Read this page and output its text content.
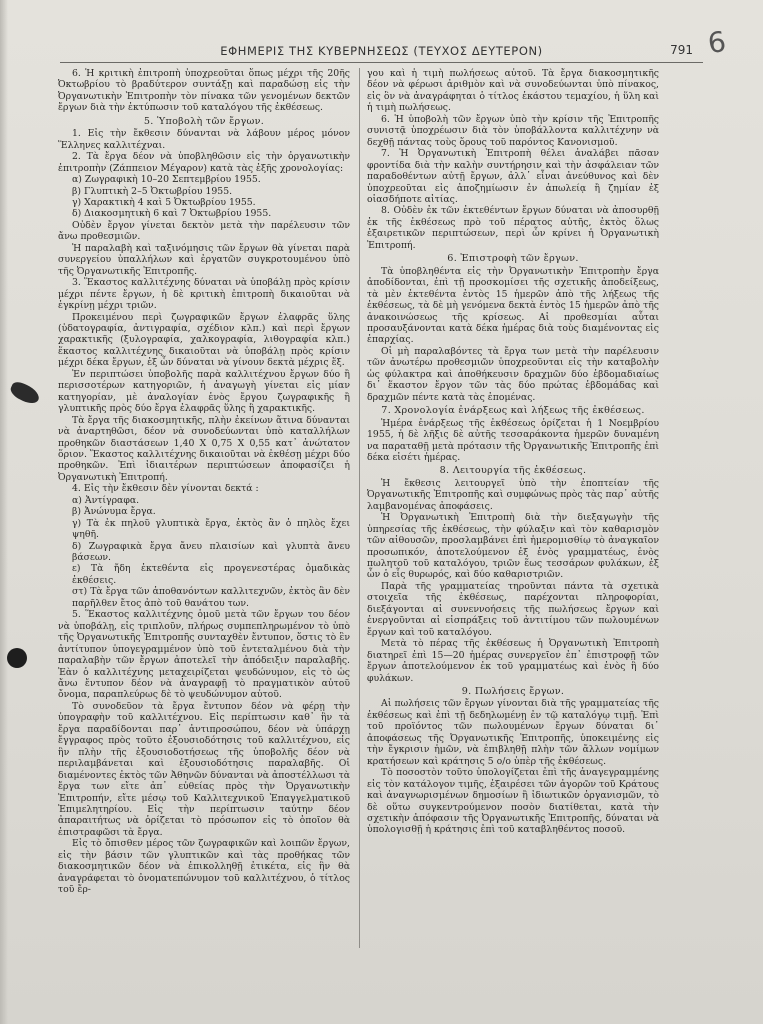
ΕΦΗΜΕΡΙΣ ΤΗΣ ΚΥΒΕΡΝΗΣΕΩΣ (ΤΕΥΧΟΣ ΔΕΥΤΕΡΟΝ)	791 6

6. Ἡ κριτικὴ ἐπιτροπὴ ὑποχρεοῦται ὅπως μέχρι τῆς 20ῆς Ὀκτωβρίου τὸ βραδύτερον συντάξῃ καὶ παραδώσῃ εἰς τὴν Ὀργανωτικὴν Ἐπιτροπὴν τὸν πίνακα τῶν γενομένων δεκτῶν ἔργων διὰ τὴν ἐκτύπωσιν τοῦ καταλόγου τῆς ἐκθέσεως.

5. Ὑποβολὴ τῶν ἔργων.

1. Εἰς τὴν ἔκθεσιν δύνανται νὰ λάβουν μέρος μόνον Ἕλληνες καλλιτέχναι.

2. Τὰ ἔργα δέον νὰ ὑποβληθῶσιν εἰς τὴν ὀργανωτικὴν ἐπιτροπὴν (Ζάππειον Μέγαρον) κατὰ τὰς ἑξῆς χρονολογίας:

α) Ζωγραφικὴ 10–20 Σεπτεμβρίου 1955.

β) Γλυπτικὴ 2–5 Ὀκτωβρίου 1955.

γ) Χαρακτικὴ 4 καὶ 5 Ὀκτωβρίου 1955.

δ) Διακοσμητικὴ 6 καὶ 7 Ὀκτωβρίου 1955.

Οὐδὲν ἔργον γίνεται δεκτὸν μετὰ τὴν παρέλευσιν τῶν ἄνω προθεσμιῶν.

Ἡ παραλαβὴ καὶ ταξινόμησις τῶν ἔργων θὰ γίνεται παρὰ συνεργείου ὑπαλλήλων καὶ ἐργατῶν συγκροτουμένου ὑπὸ τῆς Ὀργανωτικῆς Ἐπιτροπῆς.

3. Ἕκαστος καλλιτέχνης δύναται νὰ ὑποβάλῃ πρὸς κρίσιν μέχρι πέντε ἔργων, ἡ δὲ κριτικὴ ἐπιτροπὴ δικαιοῦται νὰ ἐγκρίνῃ μέχρι τριῶν.

Προκειμένου περὶ ζωγραφικῶν ἔργων ἐλαφρᾶς ὕλης (ὑδατογραφία, ἀντιγραφία, σχέδιον κλπ.) καὶ περὶ ἔργων χαρακτικῆς (ξυλογραφία, χαλκογραφία, λιθογραφία κλπ.) ἕκαστος καλλιτέχνης δικαιοῦται νὰ ὑποβάλῃ πρὸς κρίσιν μέχρι δέκα ἔργων, ἐξ ὧν δύναται νὰ γίνουν δεκτὰ μέχρις ἕξ.

Ἐν περιπτώσει ὑποβολῆς παρὰ καλλιτέχνου ἔργων δύο ἢ περισσοτέρων κατηγοριῶν, ἡ ἀναγωγὴ γίνεται εἰς μίαν κατηγορίαν, μὲ ἀναλογίαν ἑνὸς ἔργου ζωγραφικῆς ἢ γλυπτικῆς πρὸς δύο ἔργα ἐλαφρᾶς ὕλης ἢ χαρακτικῆς.

Τὰ ἔργα τῆς διακοσμητικῆς, πλὴν ἐκείνων ἅτινα δύνανται νὰ ἀναρτηθῶσι, δέον νὰ συνοδεύωνται ὑπὸ καταλλήλων προθηκῶν διαστάσεων 1,40 Χ 0,75 Χ 0,55 κατ᾽ ἀνώτατον ὅριον. Ἕκαστος καλλιτέχνης δικαιοῦται νὰ ἐκθέσῃ μέχρι δύο προθηκῶν. Ἐπὶ ἰδιαιτέρων περιπτώσεων ἀποφασίζει ἡ Ὀργανωτικὴ Ἐπιτροπή.

4. Εἰς τὴν ἔκθεσιν δὲν γίνονται δεκτά :

α) Ἀντίγραφα.

β) Ἀνώνυμα ἔργα.

γ) Τὰ ἐκ πηλοῦ γλυπτικὰ ἔργα, ἐκτὸς ἂν ὁ πηλὸς ἔχει ψηθῆ.

δ) Ζωγραφικὰ ἔργα ἄνευ πλαισίων καὶ γλυπτὰ ἄνευ βάσεων.

ε) Τὰ ἤδη ἐκτεθέντα εἰς προγενεστέρας ὁμαδικὰς ἐκθέσεις.

στ) Τὰ ἔργα τῶν ἀποθανόντων καλλιτεχνῶν, ἐκτὸς ἂν δὲν παρῆλθεν ἔτος ἀπὸ τοῦ θανάτου των.

5. Ἕκαστος καλλιτέχνης ὁμοῦ μετὰ τῶν ἔργων του δέον νὰ ὑποβάλῃ, εἰς τριπλοῦν, πλήρως συμπεπληρωμένον τὸ ὑπὸ τῆς Ὀργανωτικῆς Ἐπιτροπῆς συνταχθὲν ἔντυπον, ὅστις τὸ ἓν ἀντίτυπον ὑπογεγραμμένον ὑπὸ τοῦ ἐντεταλμένου διὰ τὴν παραλαβὴν τῶν ἔργων ἀποτελεῖ τὴν ἀπόδειξιν παραλαβῆς. Ἐὰν ὁ καλλιτέχνης μεταχειρίζεται ψευδώνυμον, εἰς τὸ ὡς ἄνω ἔντυπον δέον νὰ ἀναγραφῇ τὸ πραγματικὸν αὐτοῦ ὄνομα, παραπλεύρως δὲ τὸ ψευδώνυμον αὐτοῦ.

Τὸ συνοδεῦον τὰ ἔργα ἔντυπον δέον νὰ φέρῃ τὴν ὑπογραφὴν τοῦ καλλιτέχνου. Εἰς περίπτωσιν καθ᾽ ἣν τὰ ἔργα παραδίδονται παρ᾽ ἀντιπροσώπου, δέον νὰ ὑπάρχῃ ἔγγραφος πρὸς τοῦτο ἐξουσιοδότησις τοῦ καλλιτέχνου, εἰς ἣν πλὴν τῆς ἐξουσιοδοτήσεως τῆς ὑποβολῆς δέον νὰ περιλαμβάνεται καὶ ἐξουσιοδότησις παραλαβῆς. Οἱ διαμένοντες ἐκτὸς τῶν Ἀθηνῶν δύνανται νὰ ἀποστέλλωσι τὰ ἔργα των εἴτε ἀπ᾽ εὐθείας πρὸς τὴν Ὀργανωτικὴν Ἐπιτροπήν, εἴτε μέσῳ τοῦ Καλλιτεχνικοῦ Ἐπαγγελματικοῦ Ἐπιμελητηρίου. Εἰς τὴν περίπτωσιν ταύτην δέον ἀπαραιτήτως νὰ ὁρίζεται τὸ πρόσωπον εἰς τὸ ὁποῖον θὰ ἐπιστραφῶσι τὰ ἔργα.

Εἰς τὸ ὄπισθεν μέρος τῶν ζωγραφικῶν καὶ λοιπῶν ἔργων, εἰς τὴν βάσιν τῶν γλυπτικῶν καὶ τὰς προθήκας τῶν διακοσμητικῶν δέον νὰ ἐπικολληθῇ ἐτικέτα, εἰς ἣν θὰ ἀναγράφεται τὸ ὀνοματεπώνυμον τοῦ καλλιτέχνου, ὁ τίτλος τοῦ ἔρ-

γου καὶ ἡ τιμὴ πωλήσεως αὐτοῦ. Τὰ ἔργα διακοσμητικῆς δέον νὰ φέρωσι ἀριθμὸν καὶ νὰ συνοδεύωνται ὑπὸ πίνακος, εἰς ὃν νὰ ἀναγράφηται ὁ τίτλος ἑκάστου τεμαχίου, ἡ ὕλη καὶ ἡ τιμὴ πωλήσεως.

6. Ἡ ὑποβολὴ τῶν ἔργων ὑπὸ τὴν κρίσιν τῆς Ἐπιτροπῆς συνιστᾷ ὑποχρέωσιν διὰ τὸν ὑποβάλλοντα καλλιτέχνην νὰ δεχθῇ πάντας τοὺς ὅρους τοῦ παρόντος Κανονισμοῦ.

7. Ἡ Ὀργανωτικὴ Ἐπιτροπὴ θέλει ἀναλάβει πᾶσαν φροντίδα διὰ τὴν καλὴν συντήρησιν καὶ τὴν ἀσφάλειαν τῶν παραδοθέντων αὐτῇ ἔργων, ἀλλ᾽ εἶναι ἀνεύθυνος καὶ δὲν ὑποχρεοῦται εἰς ἀποζημίωσιν ἐν ἀπωλείᾳ ἢ ζημίαν ἐξ οἱασδήποτε αἰτίας.

8. Οὐδὲν ἐκ τῶν ἐκτεθέντων ἔργων δύναται νὰ ἀποσυρθῇ ἐκ τῆς ἐκθέσεως πρὸ τοῦ πέρατος αὐτῆς, ἐκτὸς ὅλως ἐξαιρετικῶν περιπτώσεων, περὶ ὧν κρίνει ἡ Ὀργανωτικὴ Ἐπιτροπή.

6. Ἐπιστροφὴ τῶν ἔργων.

Τὰ ὑποβληθέντα εἰς τὴν Ὀργανωτικὴν Ἐπιτροπὴν ἔργα ἀποδίδονται, ἐπὶ τῇ προσκομίσει τῆς σχετικῆς ἀποδείξεως, τὰ μὲν ἐκτεθέντα ἐντὸς 15 ἡμερῶν ἀπὸ τῆς λήξεως τῆς ἐκθέσεως, τὰ δὲ μὴ γενόμενα δεκτὰ ἐντὸς 15 ἡμερῶν ἀπὸ τῆς ἀνακοινώσεως τῆς κρίσεως. Αἱ προθεσμίαι αὗται προσαυξάνονται κατὰ δέκα ἡμέρας διὰ τοὺς διαμένοντας εἰς ἐπαρχίας.

Οἱ μὴ παραλαβόντες τὰ ἔργα των μετὰ τὴν παρέλευσιν τῶν ἀνωτέρω προθεσμιῶν ὑποχρεοῦνται εἰς τὴν καταβολὴν ὡς φύλακτρα καὶ ἀποθήκευσιν δραχμῶν δύο ἑβδομαδιαίως δι᾽ ἕκαστον ἔργον τῶν τὰς δύο πρώτας ἑβδομάδας καὶ δραχμῶν πέντε κατὰ τὰς ἑπομένας.

7. Χρονολογία ἐνάρξεως καὶ λήξεως τῆς ἐκθέσεως.

Ἡμέρα ἐνάρξεως τῆς ἐκθέσεως ὁρίζεται ἡ 1 Νοεμβρίου 1955, ἡ δὲ λῆξις δὲ αὐτῆς τεσσαράκοντα ἡμερῶν δυναμένη να παραταθῇ μετὰ πρότασιν τῆς Ὀργανωτικῆς Ἐπιτροπῆς ἐπὶ δέκα εἰσέτι ἡμέρας.

8. Λειτουργία τῆς ἐκθέσεως.

Ἡ ἔκθεσις λειτουργεῖ ὑπὸ τὴν ἐποπτείαν τῆς Ὀργανωτικῆς Ἐπιτροπῆς καὶ συμφώνως πρὸς τὰς παρ᾽ αὐτῆς λαμβανομένας ἀποφάσεις.

Ἡ Ὀργανωτικὴ Ἐπιτροπὴ διὰ τὴν διεξαγωγὴν τῆς ὑπηρεσίας τῆς ἐκθέσεως, τὴν φύλαξιν καὶ τὸν καθαρισμὸν τῶν αἰθουσῶν, προσλαμβάνει ἐπὶ ἡμερομισθίῳ τὸ ἀναγκαῖον προσωπικόν, ἀποτελούμενον ἐξ ἑνὸς γραμματέως, ἑνὸς πωλητοῦ τοῦ καταλόγου, τριῶν ἕως τεσσάρων φυλάκων, ἐξ ὧν ὁ εἷς θυρωρός, καὶ δύο καθαριστριῶν.

Παρὰ τῆς γραμματείας τηροῦνται πάντα τὰ σχετικὰ στοιχεῖα τῆς ἐκθέσεως, παρέχονται πληροφορίαι, διεξάγονται αἱ συνεννοήσεις τῆς πωλήσεως ἔργων καὶ ἐνεργοῦνται αἱ εἰσπράξεις τοῦ ἀντιτίμου τῶν πωλουμένων ἔργων καὶ τοῦ καταλόγου.

Μετὰ τὸ πέρας τῆς ἐκθέσεως ἡ Ὀργανωτικὴ Ἐπιτροπὴ διατηρεῖ ἐπὶ 15—20 ἡμέρας συνεργεῖον ἐπ᾽ ἐπιστροφῇ τῶν ἔργων ἀποτελούμενον ἐκ τοῦ γραμματέως καὶ ἑνὸς ἢ δύο φυλάκων.

9. Πωλήσεις ἔργων.

Αἱ πωλήσεις τῶν ἔργων γίνονται διὰ τῆς γραμματείας τῆς ἐκθέσεως καὶ ἐπὶ τῇ δεδηλωμένῃ ἐν τῷ καταλόγῳ τιμῇ. Ἐπὶ τοῦ προϊόντος τῶν πωλουμένων ἔργων δύναται δι᾽ ἀποφάσεως τῆς Ὀργανωτικῆς Ἐπιτροπῆς, ὑποκειμένης εἰς τὴν ἔγκρισιν ἡμῶν, νὰ ἐπιβληθῇ πλὴν τῶν ἄλλων νομίμων κρατήσεων καὶ κράτησις 5 ο/ο ὑπὲρ τῆς ἐκθέσεως.

Τὸ ποσοστὸν τοῦτο ὑπολογίζεται ἐπὶ τῆς ἀναγεγραμμένης εἰς τὸν κατάλογον τιμῆς, ἐξαιρέσει τῶν ἀγορῶν τοῦ Κράτους καὶ ἀναγνωρισμένων δημοσίων ἢ ἰδιωτικῶν ὀργανισμῶν, τὸ δὲ οὕτω συγκεντρούμενον ποσὸν διατίθεται, κατὰ τὴν σχετικὴν ἀπόφασιν τῆς Ὀργανωτικῆς Ἐπιτροπῆς, δύναται νὰ ὑπολογισθῇ ἡ κράτησις ἐπὶ τοῦ καταβληθέντος ποσοῦ.
